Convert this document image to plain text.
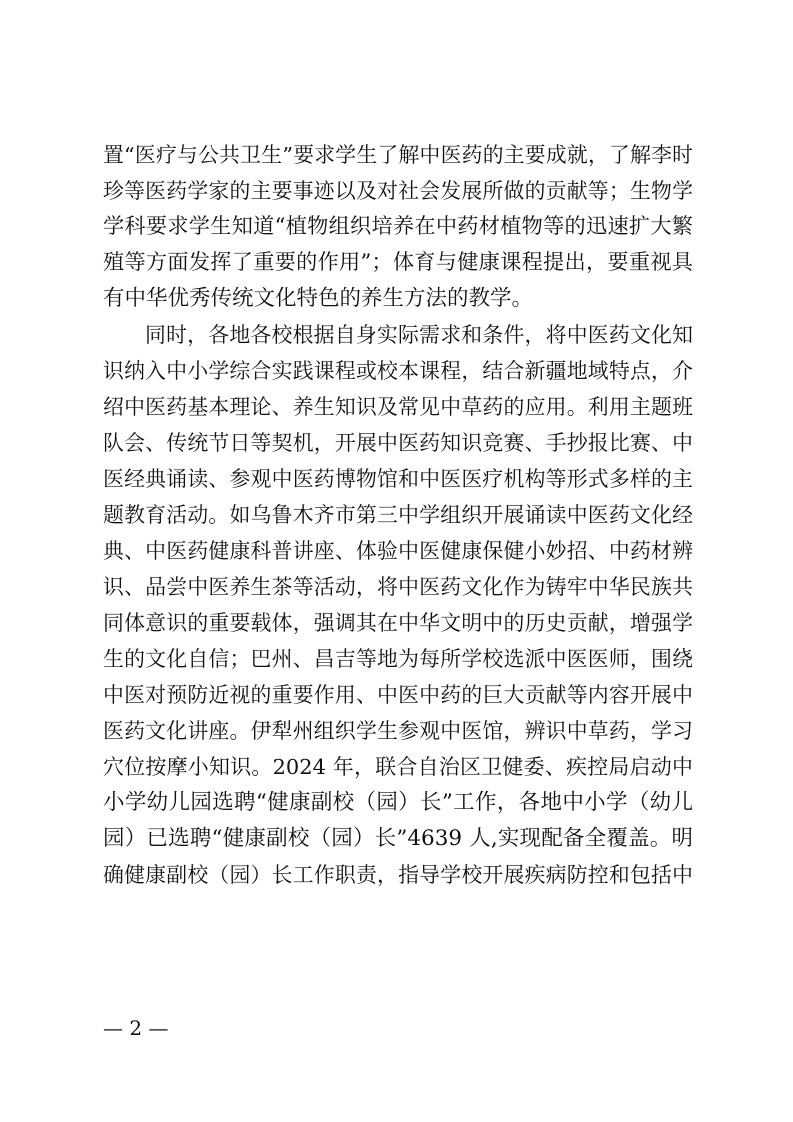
置“医疗与公共卫生”要求学生了解中医药的主要成就，了解李时
珍等医药学家的主要事迹以及对社会发展所做的贡献等；生物学
学科要求学生知道“植物组织培养在中药材植物等的迅速扩大繁
殖等方面发挥了重要的作用”；体育与健康课程提出，要重视具
有中华优秀传统文化特色的养生方法的教学。
同时，各地各校根据自身实际需求和条件，将中医药文化知
识纳入中小学综合实践课程或校本课程，结合新疆地域特点，介
绍中医药基本理论、养生知识及常见中草药的应用。利用主题班
队会、传统节日等契机，开展中医药知识竞赛、手抄报比赛、中
医经典诵读、参观中医药博物馆和中医医疗机构等形式多样的主
题教育活动。如乌鲁木齐市第三中学组织开展诵读中医药文化经
典、中医药健康科普讲座、体验中医健康保健小妙招、中药材辨
识、品尝中医养生茶等活动，将中医药文化作为铸牢中华民族共
同体意识的重要载体，强调其在中华文明中的历史贡献，增强学
生的文化自信；巴州、昌吉等地为每所学校选派中医医师，围绕
中医对预防近视的重要作用、中医中药的巨大贡献等内容开展中
医药文化讲座。伊犁州组织学生参观中医馆，辨识中草药，学习
穴位按摩小知识。2024 年，联合自治区卫健委、疾控局启动中
小学幼儿园选聘“健康副校（园）长”工作，各地中小学（幼儿
园）已选聘“健康副校（园）长”4639 人,实现配备全覆盖。明
确健康副校（园）长工作职责，指导学校开展疾病防控和包括中
— 2 —
